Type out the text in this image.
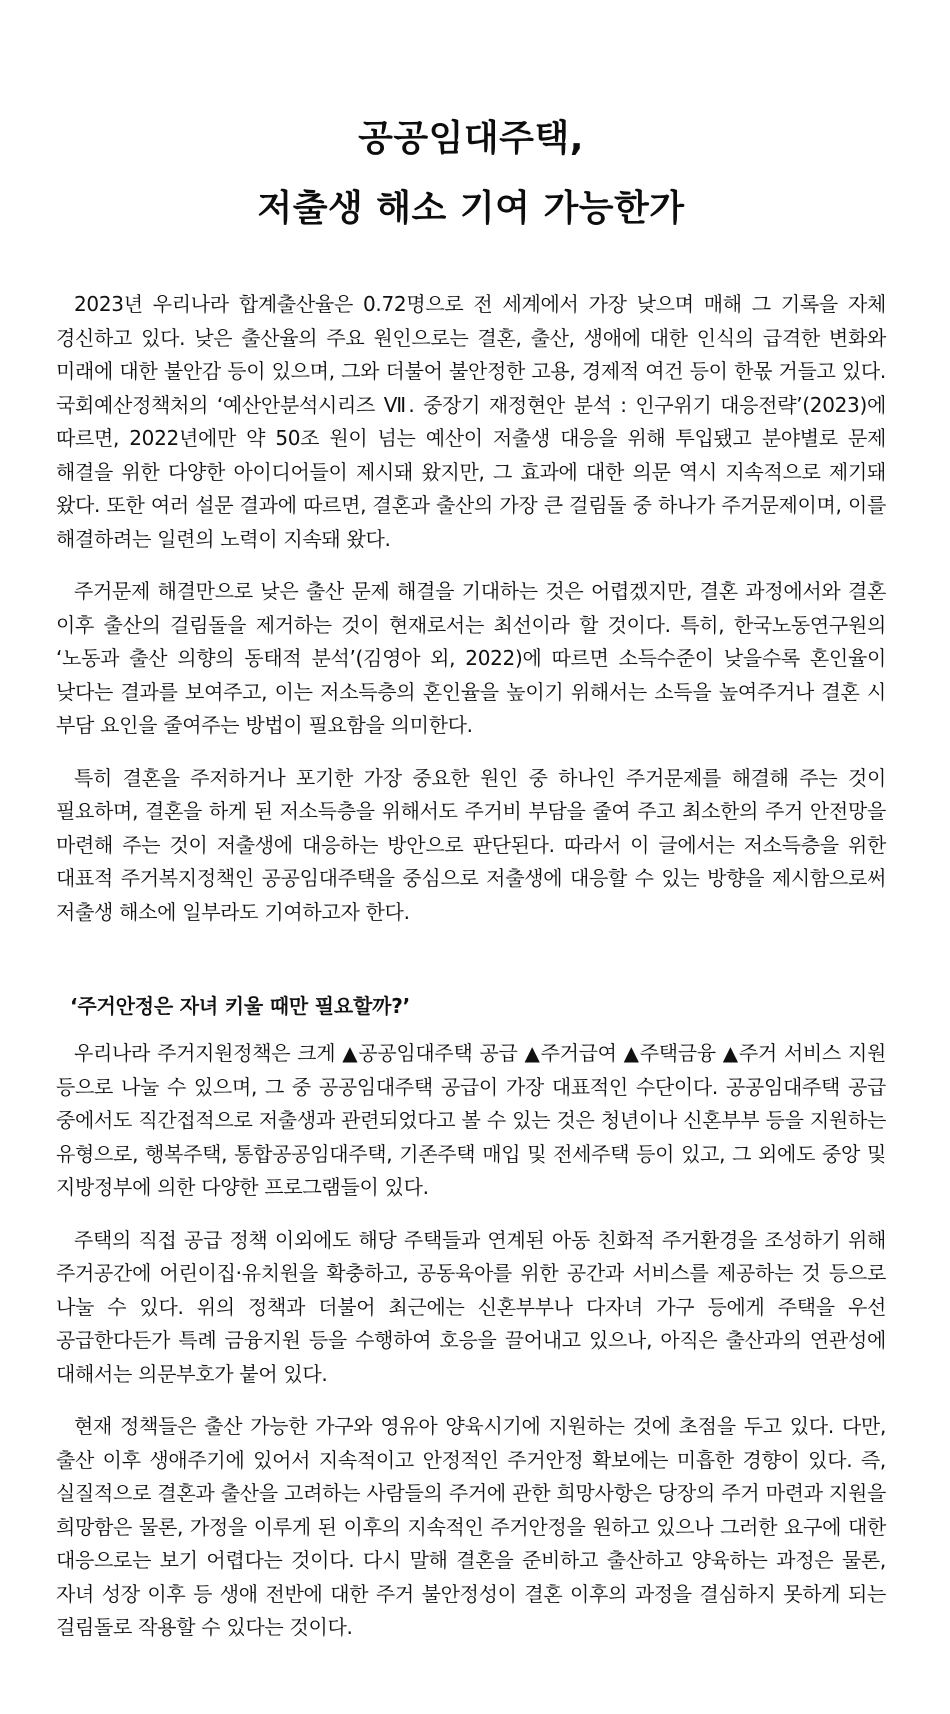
공공임대주택,
저출생 해소 기여 가능한가

2023년 우리나라 합계출산율은 0.72명으로 전 세계에서 가장 낮으며 매해 그 기록을 자체 경신하고 있다. 낮은 출산율의 주요 원인으로는 결혼, 출산, 생애에 대한 인식의 급격한 변화와 미래에 대한 불안감 등이 있으며, 그와 더불어 불안정한 고용, 경제적 여건 등이 한몫 거들고 있다. 국회예산정책처의 ‘예산안분석시리즈 Ⅶ. 중장기 재정현안 분석 : 인구위기 대응전략’(2023)에 따르면, 2022년에만 약 50조 원이 넘는 예산이 저출생 대응을 위해 투입됐고 분야별로 문제 해결을 위한 다양한 아이디어들이 제시돼 왔지만, 그 효과에 대한 의문 역시 지속적으로 제기돼 왔다. 또한 여러 설문 결과에 따르면, 결혼과 출산의 가장 큰 걸림돌 중 하나가 주거문제이며, 이를 해결하려는 일련의 노력이 지속돼 왔다.

주거문제 해결만으로 낮은 출산 문제 해결을 기대하는 것은 어렵겠지만, 결혼 과정에서와 결혼 이후 출산의 걸림돌을 제거하는 것이 현재로서는 최선이라 할 것이다. 특히, 한국노동연구원의 ‘노동과 출산 의향의 동태적 분석’(김영아 외, 2022)에 따르면 소득수준이 낮을수록 혼인율이 낮다는 결과를 보여주고, 이는 저소득층의 혼인율을 높이기 위해서는 소득을 높여주거나 결혼 시 부담 요인을 줄여주는 방법이 필요함을 의미한다.

특히 결혼을 주저하거나 포기한 가장 중요한 원인 중 하나인 주거문제를 해결해 주는 것이 필요하며, 결혼을 하게 된 저소득층을 위해서도 주거비 부담을 줄여 주고 최소한의 주거 안전망을 마련해 주는 것이 저출생에 대응하는 방안으로 판단된다. 따라서 이 글에서는 저소득층을 위한 대표적 주거복지정책인 공공임대주택을 중심으로 저출생에 대응할 수 있는 방향을 제시함으로써 저출생 해소에 일부라도 기여하고자 한다.

‘주거안정은 자녀 키울 때만 필요할까?’

우리나라 주거지원정책은 크게 ▲공공임대주택 공급 ▲주거급여 ▲주택금융 ▲주거 서비스 지원 등으로 나눌 수 있으며, 그 중 공공임대주택 공급이 가장 대표적인 수단이다. 공공임대주택 공급 중에서도 직간접적으로 저출생과 관련되었다고 볼 수 있는 것은 청년이나 신혼부부 등을 지원하는 유형으로, 행복주택, 통합공공임대주택, 기존주택 매입 및 전세주택 등이 있고, 그 외에도 중앙 및 지방정부에 의한 다양한 프로그램들이 있다.

주택의 직접 공급 정책 이외에도 해당 주택들과 연계된 아동 친화적 주거환경을 조성하기 위해 주거공간에 어린이집·유치원을 확충하고, 공동육아를 위한 공간과 서비스를 제공하는 것 등으로 나눌 수 있다. 위의 정책과 더불어 최근에는 신혼부부나 다자녀 가구 등에게 주택을 우선 공급한다든가 특례 금융지원 등을 수행하여 호응을 끌어내고 있으나, 아직은 출산과의 연관성에 대해서는 의문부호가 붙어 있다.

현재 정책들은 출산 가능한 가구와 영유아 양육시기에 지원하는 것에 초점을 두고 있다. 다만, 출산 이후 생애주기에 있어서 지속적이고 안정적인 주거안정 확보에는 미흡한 경향이 있다. 즉, 실질적으로 결혼과 출산을 고려하는 사람들의 주거에 관한 희망사항은 당장의 주거 마련과 지원을 희망함은 물론, 가정을 이루게 된 이후의 지속적인 주거안정을 원하고 있으나 그러한 요구에 대한 대응으로는 보기 어렵다는 것이다. 다시 말해 결혼을 준비하고 출산하고 양육하는 과정은 물론, 자녀 성장 이후 등 생애 전반에 대한 주거 불안정성이 결혼 이후의 과정을 결심하지 못하게 되는 걸림돌로 작용할 수 있다는 것이다.
